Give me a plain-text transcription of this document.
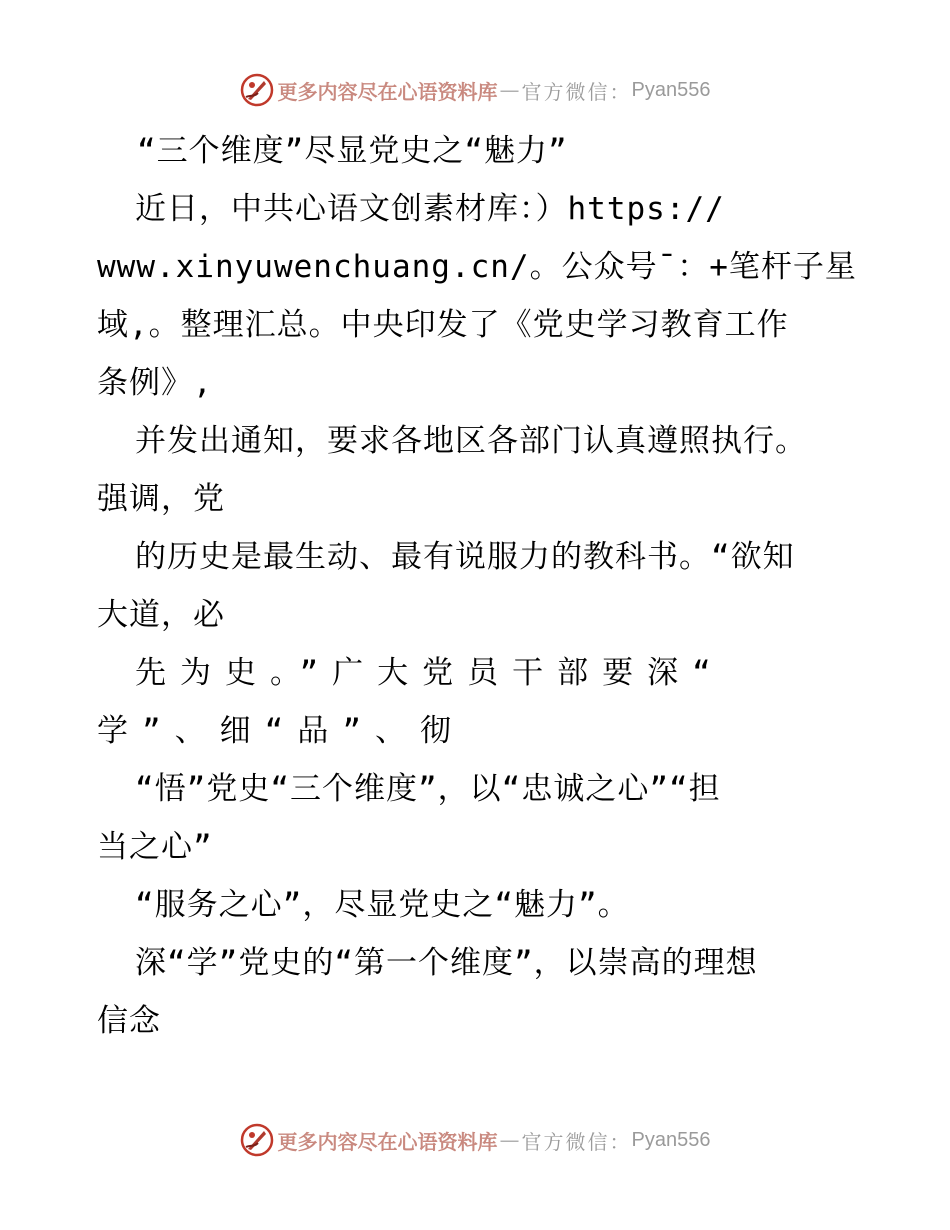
更多内容尽在心语资料库 — 官方微信： Pyan556
“三个维度”尽显党史之“魅力”
近日，中共心语文创素材库：）https://
www.xinyuwenchuang.cn/。公众号¯：+笔杆子星
域,。整理汇总。中央印发了《党史学习教育工作
条例》,
并发出通知，要求各地区各部门认真遵照执行。
强调，党
的历史是最生动、最有说服力的教科书。“欲知
大道，必
先为史。”广大党员干部要深“
学”、细“品”、彻
“悟”党史“三个维度”，以“忠诚之心”“担
当之心”
“服务之心”，尽显党史之“魅力”。
深“学”党史的“第一个维度”，以崇高的理想
信念
更多内容尽在心语资料库 — 官方微信： Pyan556
